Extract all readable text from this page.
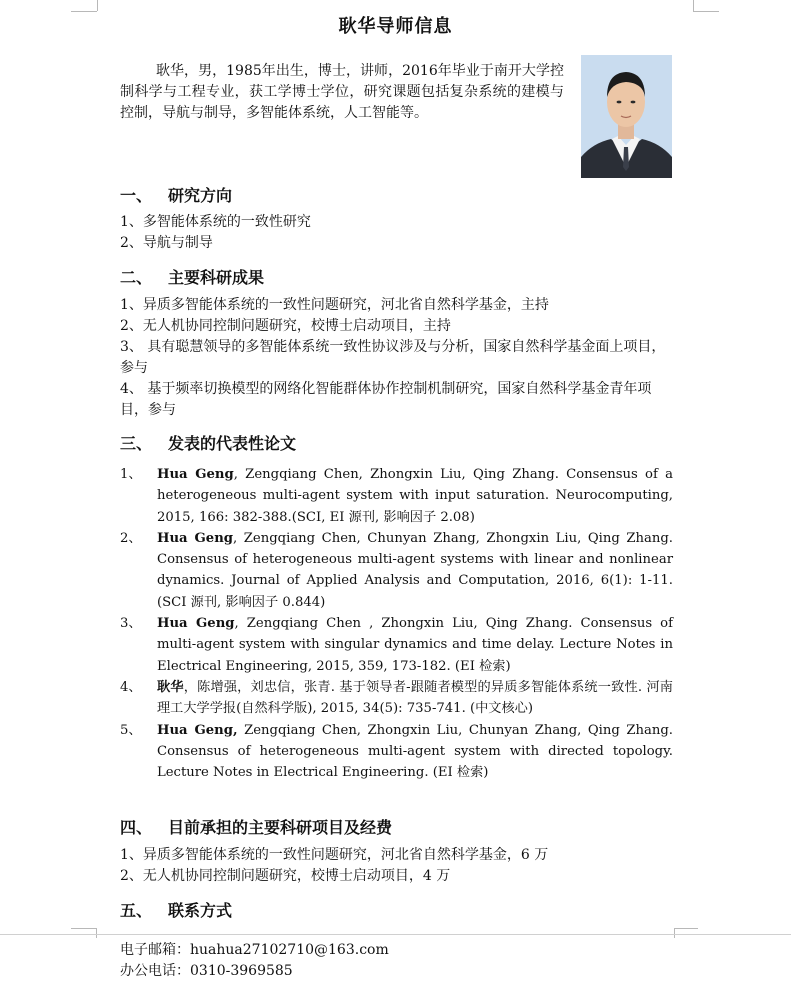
耿华导师信息
耿华，男，1985年出生，博士，讲师，2016年毕业于南开大学控制科学与工程专业，获工学博士学位，研究课题包括复杂系统的建模与控制，导航与制导，多智能体系统，人工智能等。
一、 研究方向
1、多智能体系统的一致性研究
2、导航与制导
二、 主要科研成果
1、异质多智能体系统的一致性问题研究，河北省自然科学基金，主持
2、无人机协同控制问题研究，校博士启动项目，主持
3、 具有聪慧领导的多智能体系统一致性协议涉及与分析，国家自然科学基金面上项目，参与
4、 基于频率切换模型的网络化智能群体协作控制机制研究，国家自然科学基金青年项目，参与
三、 发表的代表性论文
1、 Hua Geng, Zengqiang Chen, Zhongxin Liu, Qing Zhang. Consensus of a heterogeneous multi-agent system with input saturation. Neurocomputing, 2015, 166: 382-388.(SCI, EI 源刊, 影响因子 2.08)
2、 Hua Geng, Zengqiang Chen, Chunyan Zhang, Zhongxin Liu, Qing Zhang. Consensus of heterogeneous multi-agent systems with linear and nonlinear dynamics. Journal of Applied Analysis and Computation, 2016, 6(1): 1-11. (SCI 源刊, 影响因子 0.844)
3、 Hua Geng, Zengqiang Chen , Zhongxin Liu, Qing Zhang. Consensus of multi-agent system with singular dynamics and time delay. Lecture Notes in Electrical Engineering, 2015, 359, 173-182. (EI 检索)
4、 耿华，陈增强，刘忠信，张青. 基于领导者-跟随者模型的异质多智能体系统一致性. 河南理工大学学报(自然科学版), 2015, 34(5): 735-741. (中文核心)
5、 Hua Geng, Zengqiang Chen, Zhongxin Liu, Chunyan Zhang, Qing Zhang. Consensus of heterogeneous multi-agent system with directed topology. Lecture Notes in Electrical Engineering. (EI 检索)
四、 目前承担的主要科研项目及经费
1、异质多智能体系统的一致性问题研究，河北省自然科学基金，6 万
2、无人机协同控制问题研究，校博士启动项目，4 万
五、 联系方式
电子邮箱：huahua27102710@163.com
办公电话：0310-3969585
